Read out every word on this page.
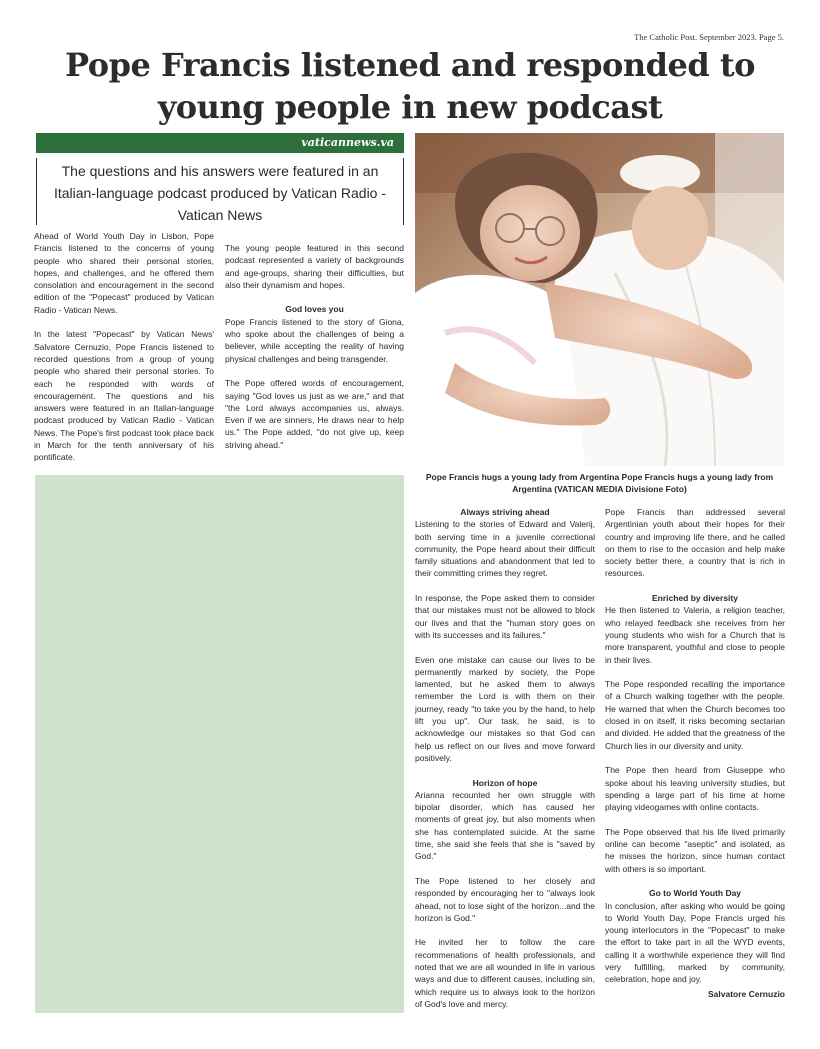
The Catholic Post. September 2023. Page 5.
Pope Francis listened and responded to young people in new podcast
vaticannews.va

The questions and his answers were featured in an Italian-language podcast produced by Vatican Radio - Vatican News

Ahead of World Youth Day in Lisbon, Pope Francis listened to the concerns of young people who shared their personal stories, hopes, and challenges, and he offered them consolation and encouragement in the second edition of the "Popecast" produced by Vatican Radio - Vatican News.

In the latest "Popecast" by Vatican News' Salvatore Cernuzio, Pope Francis listened to recorded questions from a group of young people who shared their personal stories. To each he responded with words of encouragement. The questions and his answers were featured in an Italian-language podcast produced by Vatican Radio - Vatican News. The Pope's first podcast took place back in March for the tenth anniversary of his pontificate.

The young people featured in this second podcast represented a variety of backgrounds and age-groups, sharing their difficulties, but also their dynamism and hopes.

God loves you

Pope Francis listened to the story of Giona, who spoke about the challenges of being a believer, while accepting the reality of having physical challenges and being transgender.

The Pope offered words of encouragement, saying "God loves us just as we are," and that "the Lord always accompanies us, always. Even if we are sinners, He draws near to help us." The Pope added, "do not give up, keep striving ahead."

Pope Francis hugs a young lady from Argentina Pope Francis hugs a young lady from Argentina (VATICAN MEDIA Divisione Foto)
Always striving ahead

Listening to the stories of Edward and Valerij, both serving time in a juvenile correctional community, the Pope heard about their difficult family situations and abandonment that led to their committing crimes they regret.

In response, the Pope asked them to consider that our mistakes must not be allowed to block our lives and that the "human story goes on with its successes and its failures."

Even one mistake can cause our lives to be permanently marked by society, the Pope lamented, but he asked them to always remember the Lord is with them on their journey, ready "to take you by the hand, to help lift you up". Our task, he said, is to acknowledge our mistakes so that God can help us reflect on our lives and move forward positively.

Horizon of hope

Arianna recounted her own struggle with bipolar disorder, which has caused her moments of great joy, but also moments when she has contemplated suicide. At the same time, she said she feels that she is "saved by God."

The Pope listened to her closely and responded by encouraging her to "always look ahead, not to lose sight of the horizon...and the horizon is God."

He invited her to follow the care recommenations of health professionals, and noted that we are all wounded in life in various ways and due to different causes, including sin, which require us to always look to the horizon of God's love and mercy.

Pope Francis than addressed several Argentinian youth about their hopes for their country and improving life there, and he called on them to rise to the occasion and help make society better there, a country that is rich in resources.

Enriched by diversity

He then listened to Valeria, a religion teacher, who relayed feedback she receives from her young students who wish for a Church that is more transparent, youthful and close to people in their lives.

The Pope responded recalling the importance of a Church walking together with the people. He warned that when the Church becomes too closed in on itself, it risks becoming sectarian and divided. He added that the greatness of the Church lies in our diversity and unity.

The Pope then heard from Giuseppe who spoke about his leaving university studies, but spending a large part of his time at home playing videogames with online contacts.

The Pope observed that his life lived primarily online can become "aseptic" and isolated, as he misses the horizon, since human contact with others is so important.

Go to World Youth Day

In conclusion, after asking who would be going to World Youth Day, Pope Francis urged his young interlocutors in the "Popecast" to make the effort to take part in all the WYD events, calling it a worthwhile experience they will find very fulfilling, marked by community, celebration, hope and joy.

Salvatore Cernuzio
